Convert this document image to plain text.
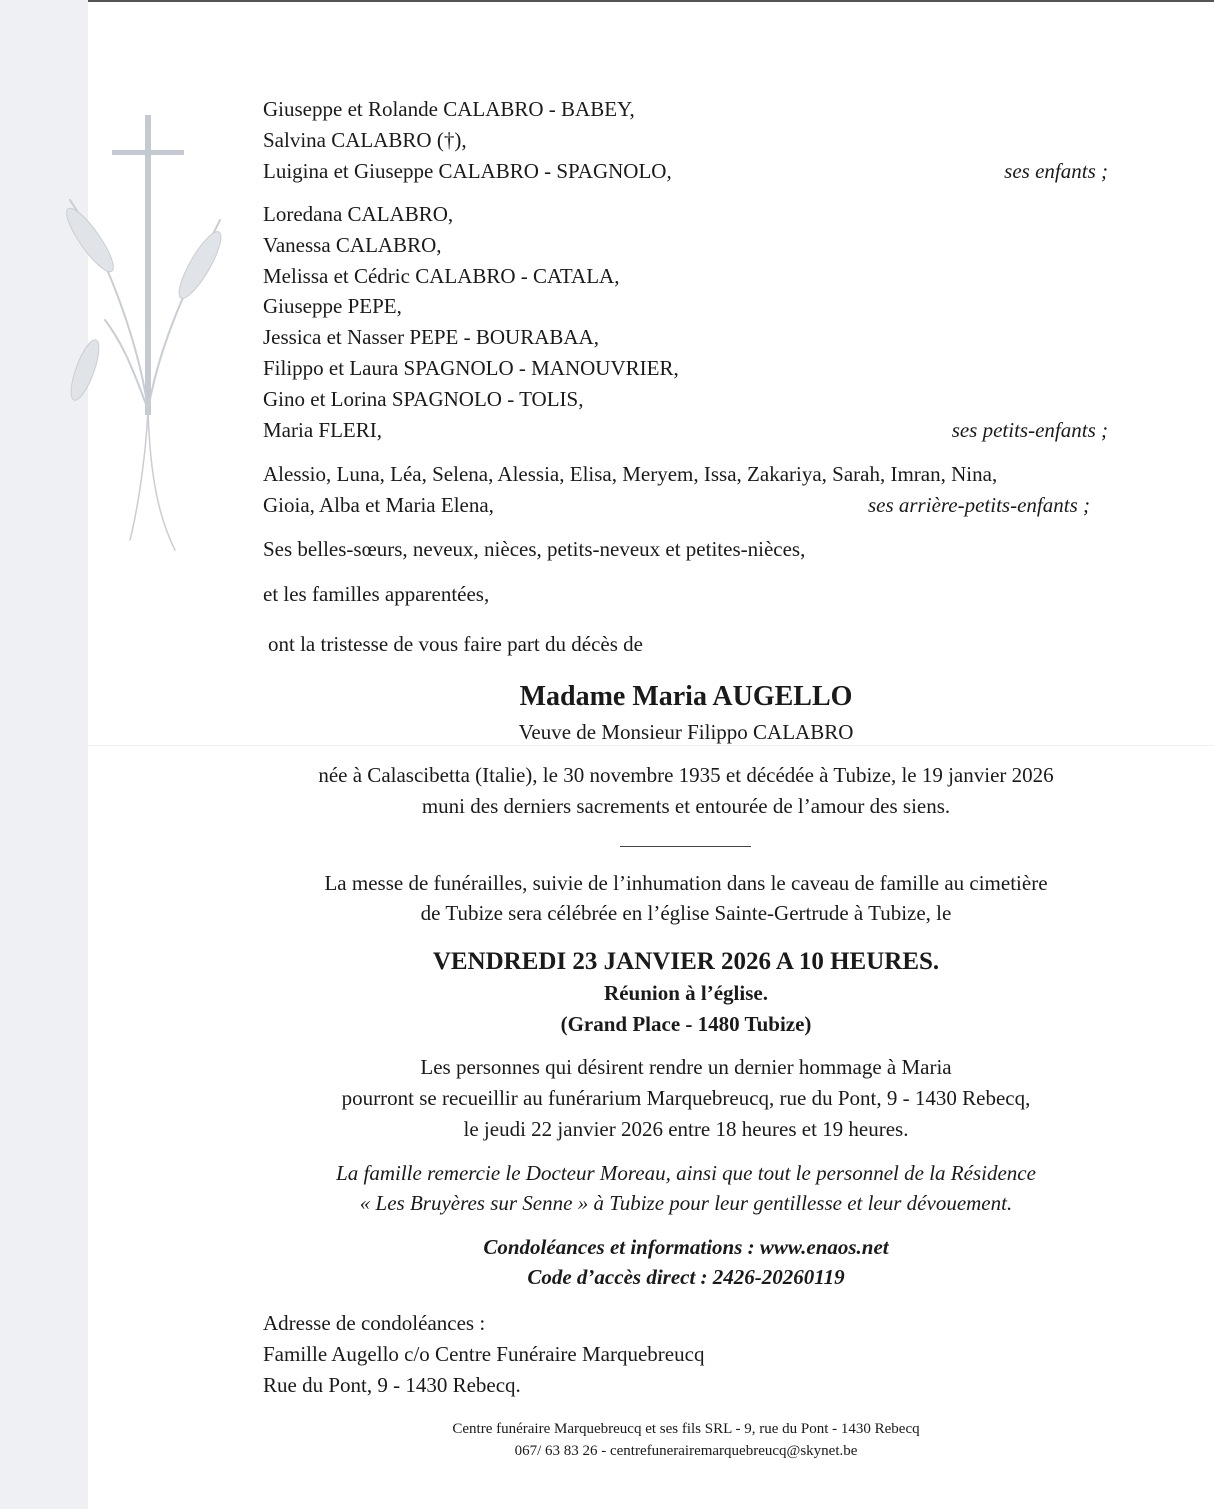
Giuseppe et Rolande CALABRO - BABEY,
Salvina CALABRO (†),
Luigina et Giuseppe CALABRO - SPAGNOLO,	ses enfants ;
Loredana CALABRO,
Vanessa CALABRO,
Melissa et Cédric CALABRO - CATALA,
Giuseppe PEPE,
Jessica et Nasser PEPE - BOURABAA,
Filippo et Laura SPAGNOLO - MANOUVRIER,
Gino et Lorina SPAGNOLO - TOLIS,
Maria FLERI,	ses petits-enfants ;
Alessio, Luna, Léa, Selena, Alessia, Elisa, Meryem, Issa, Zakariya, Sarah, Imran, Nina,
Gioia, Alba et Maria Elena,	ses arrière-petits-enfants ;
Ses belles-sœurs, neveux, nièces, petits-neveux et petites-nièces,
et les familles apparentées,
ont la tristesse de vous faire part du décès de
Madame Maria AUGELLO
Veuve de Monsieur Filippo CALABRO
née à Calascibetta (Italie), le 30 novembre 1935 et décédée à Tubize, le 19 janvier 2026
muni des derniers sacrements et entourée de l’amour des siens.
La messe de funérailles, suivie de l’inhumation dans le caveau de famille au cimetière
de Tubize sera célébrée en l’église Sainte-Gertrude à Tubize, le
VENDREDI 23 JANVIER 2026 A 10 HEURES.
Réunion à l’église.
(Grand Place - 1480 Tubize)
Les personnes qui désirent rendre un dernier hommage à Maria
pourront se recueillir au funérarium Marquebreucq, rue du Pont, 9 - 1430 Rebecq,
le jeudi 22 janvier 2026 entre 18 heures et 19 heures.
La famille remercie le Docteur Moreau, ainsi que tout le personnel de la Résidence
« Les Bruyères sur Senne » à Tubize pour leur gentillesse et leur dévouement.
Condoléances et informations : www.enaos.net
Code d’accès direct : 2426-20260119
Adresse de condoléances :
Famille Augello c/o Centre Funéraire Marquebreucq
Rue du Pont, 9 - 1430 Rebecq.
Centre funéraire Marquebreucq et ses fils SRL - 9, rue du Pont - 1430 Rebecq
067/ 63 83 26 - centrefunerairemarquebreucq@skynet.be
